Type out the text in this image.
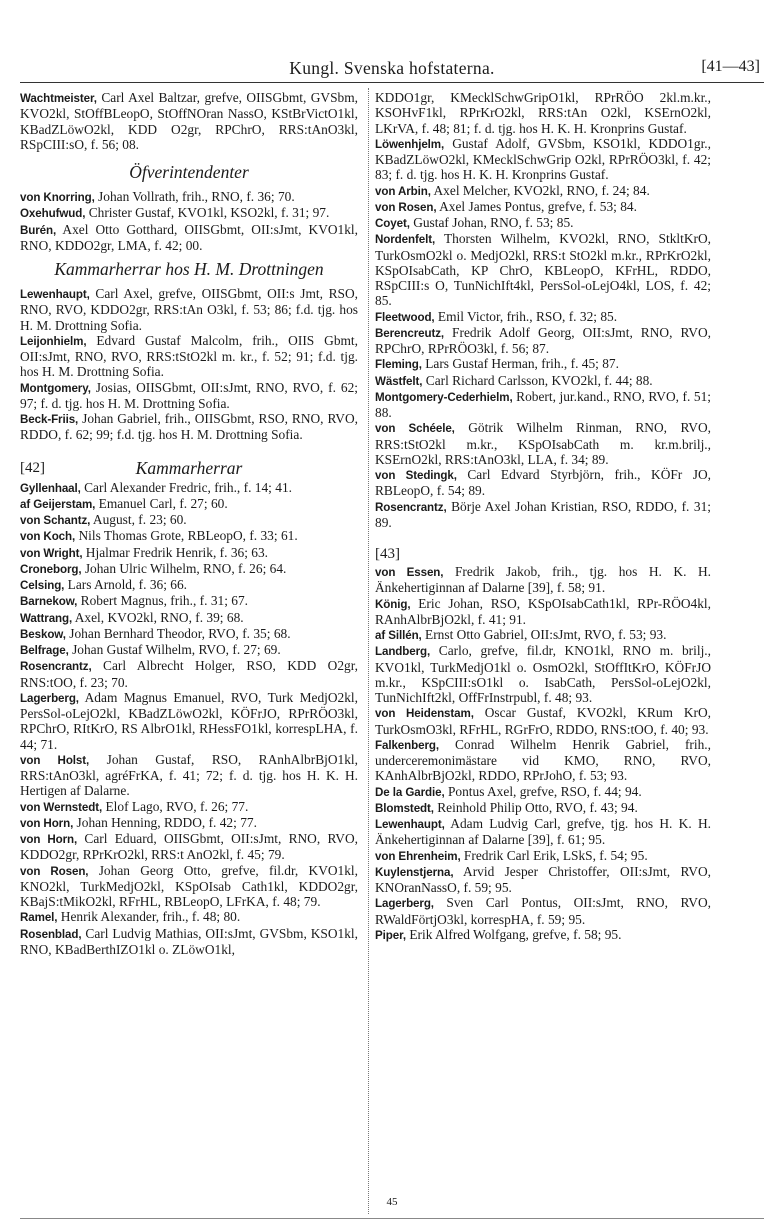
Kungl. Svenska hofstaterna.	[41—43]
Wachtmeister, Carl Axel Baltzar, grefve, OIISGbmt, GVSbm, KVO2kl, StOffBLeopO, StOffNOran NassO, KStBrVictO1kl, KBadZLöwO2kl, KDD O2gr, RPChrO, RRS:tAnO3kl, RSpCIII:sO, f. 56; 08.
Öfverintendenter
von Knorring, Johan Vollrath, frih., RNO, f. 36; 70.
Oxehufwud, Christer Gustaf, KVO1kl, KSO2kl, f. 31; 97.
Burén, Axel Otto Gotthard, OIISGbmt, OII:sJmt, KVO1kl, RNO, KDDO2gr, LMA, f. 42; 00.
Kammarherrar hos H. M. Drottningen
Lewenhaupt, Carl Axel, grefve, OIISGbmt, OII:s Jmt, RSO, RNO, RVO, KDDO2gr, RRS:tAn O3kl, f. 53; 86; f.d. tjg. hos H. M. Drottning Sofia.
Leijonhielm, Edvard Gustaf Malcolm, frih., OIIS Gbmt, OII:sJmt, RNO, RVO, RRS:tStO2kl m. kr., f. 52; 91; f.d. tjg. hos H. M. Drottning Sofia.
Montgomery, Josias, OIISGbmt, OII:sJmt, RNO, RVO, f. 62; 97; f. d. tjg. hos H. M. Drottning Sofia.
Beck-Friis, Johan Gabriel, frih., OIISGbmt, RSO, RNO, RVO, RDDO, f. 62; 99; f.d. tjg. hos H. M. Drottning Sofia.
[42]	Kammarherrar
Gyllenhaal, Carl Alexander Fredric, frih., f. 14; 41.
af Geijerstam, Emanuel Carl, f. 27; 60.
von Schantz, August, f. 23; 60.
von Koch, Nils Thomas Grote, RBLeopO, f. 33; 61.
von Wright, Hjalmar Fredrik Henrik, f. 36; 63.
Croneborg, Johan Ulric Wilhelm, RNO, f. 26; 64.
Celsing, Lars Arnold, f. 36; 66.
Barnekow, Robert Magnus, frih., f. 31; 67.
Wattrang, Axel, KVO2kl, RNO, f. 39; 68.
Beskow, Johan Bernhard Theodor, RVO, f. 35; 68.
Belfrage, Johan Gustaf Wilhelm, RVO, f. 27; 69.
Rosencrantz, Carl Albrecht Holger, RSO, KDD O2gr, RNS:tOO, f. 23; 70.
Lagerberg, Adam Magnus Emanuel, RVO, Turk MedjO2kl, PersSol-oLejO2kl, KBadZLöwO2kl, KÖFrJO, RPrRÖO3kl, RPChrO, RItKrO, RS AlbrO1kl, RHessFO1kl, korrespLHA, f. 44; 71.
von Holst, Johan Gustaf, RSO, RAnhAlbrBjO1kl, RRS:tAnO3kl, agréFrKA, f. 41; 72; f. d. tjg. hos H. K. H. Hertigen af Dalarne.
von Wernstedt, Elof Lago, RVO, f. 26; 77.
von Horn, Johan Henning, RDDO, f. 42; 77.
von Horn, Carl Eduard, OIISGbmt, OII:sJmt, RNO, RVO, KDDO2gr, RPrKrO2kl, RRS:t AnO2kl, f. 45; 79.
von Rosen, Johan Georg Otto, grefve, fil.dr, KVO1kl, KNO2kl, TurkMedjO2kl, KSpOIsab Cath1kl, KDDO2gr, KBajS:tMikO2kl, RFrHL, RBLeopO, LFrKA, f. 48; 79.
Ramel, Henrik Alexander, frih., f. 48; 80.
Rosenblad, Carl Ludvig Mathias, OII:sJmt, GVSbm, KSO1kl, RNO, KBadBerthIZO1kl o. ZLöwO1kl,
KDDO1gr, KMecklSchwGripO1kl, RPrRÖO 2kl.m.kr., KSOHvF1kl, RPrKrO2kl, RRS:tAn O2kl, KSErnO2kl, LKrVA, f. 48; 81; f. d. tjg. hos H. K. H. Kronprins Gustaf.
Löwenhjelm, Gustaf Adolf, GVSbm, KSO1kl, KDDO1gr., KBadZLöwO2kl, KMecklSchwGrip O2kl, RPrRÖO3kl, f. 42; 83; f. d. tjg. hos H. K. H. Kronprins Gustaf.
von Arbin, Axel Melcher, KVO2kl, RNO, f. 24; 84.
von Rosen, Axel James Pontus, grefve, f. 53; 84.
Coyet, Gustaf Johan, RNO, f. 53; 85.
Nordenfelt, Thorsten Wilhelm, KVO2kl, RNO, StkltKrO, TurkOsmO2kl o. MedjO2kl, RRS:t StO2kl m.kr., RPrKrO2kl, KSpOIsabCath, KP ChrO, KBLeopO, KFrHL, RDDO, RSpCIII:s O, TunNichIft4kl, PersSol-oLejO4kl, LOS, f. 42; 85.
Fleetwood, Emil Victor, frih., RSO, f. 32; 85.
Berencreutz, Fredrik Adolf Georg, OII:sJmt, RNO, RVO, RPChrO, RPrRÖO3kl, f. 56; 87.
Fleming, Lars Gustaf Herman, frih., f. 45; 87.
Wästfelt, Carl Richard Carlsson, KVO2kl, f. 44; 88.
Montgomery-Cederhielm, Robert, jur.kand., RNO, RVO, f. 51; 88.
von Schéele, Götrik Wilhelm Rinman, RNO, RVO, RRS:tStO2kl m.kr., KSpOIsabCath m. kr.m.brilj., KSErnO2kl, RRS:tAnO3kl, LLA, f. 34; 89.
von Stedingk, Carl Edvard Styrbjörn, frih., KÖFr JO, RBLeopO, f. 54; 89.
Rosencrantz, Börje Axel Johan Kristian, RSO, RDDO, f. 31; 89.
[43]
von Essen, Fredrik Jakob, frih., tjg. hos H. K. H. Änkehertiginnan af Dalarne [39], f. 58; 91.
König, Eric Johan, RSO, KSpOIsabCath1kl, RPr-RÖO4kl, RAnhAlbrBjO2kl, f. 41; 91.
af Sillén, Ernst Otto Gabriel, OII:sJmt, RVO, f. 53; 93.
Landberg, Carlo, grefve, fil.dr, KNO1kl, RNO m. brilj., KVO1kl, TurkMedjO1kl o. OsmO2kl, StOffItKrO, KÖFrJO m.kr., KSpCIII:sO1kl o. IsabCath, PersSol-oLejO2kl, TunNichIft2kl, OffFrInstrpubl, f. 48; 93.
von Heidenstam, Oscar Gustaf, KVO2kl, KRum KrO, TurkOsmO3kl, RFrHL, RGrFrO, RDDO, RNS:tOO, f. 40; 93.
Falkenberg, Conrad Wilhelm Henrik Gabriel, frih., underceremonimästare vid KMO, RNO, RVO, KAnhAlbrBjO2kl, RDDO, RPrJohO, f. 53; 93.
De la Gardie, Pontus Axel, grefve, RSO, f. 44; 94.
Blomstedt, Reinhold Philip Otto, RVO, f. 43; 94.
Lewenhaupt, Adam Ludvig Carl, grefve, tjg. hos H. K. H. Änkehertiginnan af Dalarne [39], f. 61; 95.
von Ehrenheim, Fredrik Carl Erik, LSkS, f. 54; 95.
Kuylenstjerna, Arvid Jesper Christoffer, OII:sJmt, RVO, KNOranNassO, f. 59; 95.
Lagerberg, Sven Carl Pontus, OII:sJmt, RNO, RVO, RWaldFörtjO3kl, korrespHA, f. 59; 95.
Piper, Erik Alfred Wolfgang, grefve, f. 58; 95.
45
